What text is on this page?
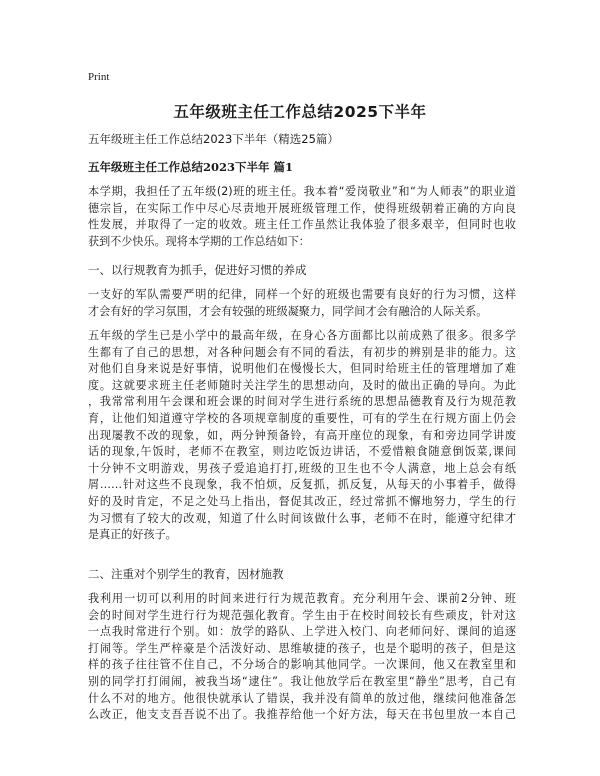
Print
五年级班主任工作总结2025下半年
五年级班主任工作总结2023下半年（精选25篇）
五年级班主任工作总结2023下半年 篇1
本学期，我担任了五年级(2)班的班主任。我本着“爱岗敬业”和“为人师表”的职业道
德宗旨，在实际工作中尽心尽责地开展班级管理工作，使得班级朝着正确的方向良
性发展，并取得了一定的收效。班主任工作虽然让我体验了很多艰辛，但同时也收
获到不少快乐。现将本学期的工作总结如下：
一、以行规教育为抓手，促进好习惯的养成
一支好的军队需要严明的纪律，同样一个好的班级也需要有良好的行为习惯，这样
才会有好的学习氛围，才会有较强的班级凝聚力，同学间才会有融洽的人际关系。
五年级的学生已是小学中的最高年级，在身心各方面都比以前成熟了很多。很多学
生都有了自己的思想，对各种问题会有不同的看法，有初步的辨别是非的能力。这
对他们自身来说是好事情，说明他们在慢慢长大，但同时给班主任的管理增加了难
度。这就要求班主任老师随时关注学生的思想动向，及时的做出正确的导向。为此
，我常常利用午会课和班会课的时间对学生进行系统的思想品德教育及行为规范教
育，让他们知道遵守学校的各项规章制度的重要性，可有的学生在行规方面上仍会
出现屡教不改的现象，如，两分钟预备铃，有高开座位的现象，有和旁边同学讲废
话的现象,午饭时，老师不在教室，则边吃饭边讲话，不爱惜粮食随意倒饭菜,课间
十分钟不文明游戏，男孩子爱追追打打,班级的卫生也不令人满意，地上总会有纸
屑……针对这些不良现象，我不怕烦，反复抓，抓反复，从每天的小事着手，做得
好的及时肯定，不足之处马上指出，督促其改正，经过常抓不懈地努力，学生的行
为习惯有了较大的改观，知道了什么时间该做什么事，老师不在时，能遵守纪律才
是真正的好孩子。
二、注重对个别学生的教育，因材施教
我利用一切可以利用的时间来进行行为规范教育。充分利用午会、课前2分钟、班
会的时间对学生进行行为规范强化教育。学生由于在校时间较长有些顽皮，针对这
一点我时常进行个别。如：放学的路队、上学进入校门、向老师问好、课间的追逐
打闹等。学生严梓豪是个活泼好动、思维敏捷的孩子，也是个聪明的孩子，但是这
样的孩子往往管不住自己，不分场合的影响其他同学。一次课间，他又在教室里和
别的同学打打闹闹，被我当场“逮住”。我让他放学后在教室里“静坐”思考，自己有
什么不对的地方。他很快就承认了错误，我并没有简单的放过他，继续问他准备怎
么改正，他支支吾吾说不出了。我推荐给他一个好方法，每天在书包里放一本自己
